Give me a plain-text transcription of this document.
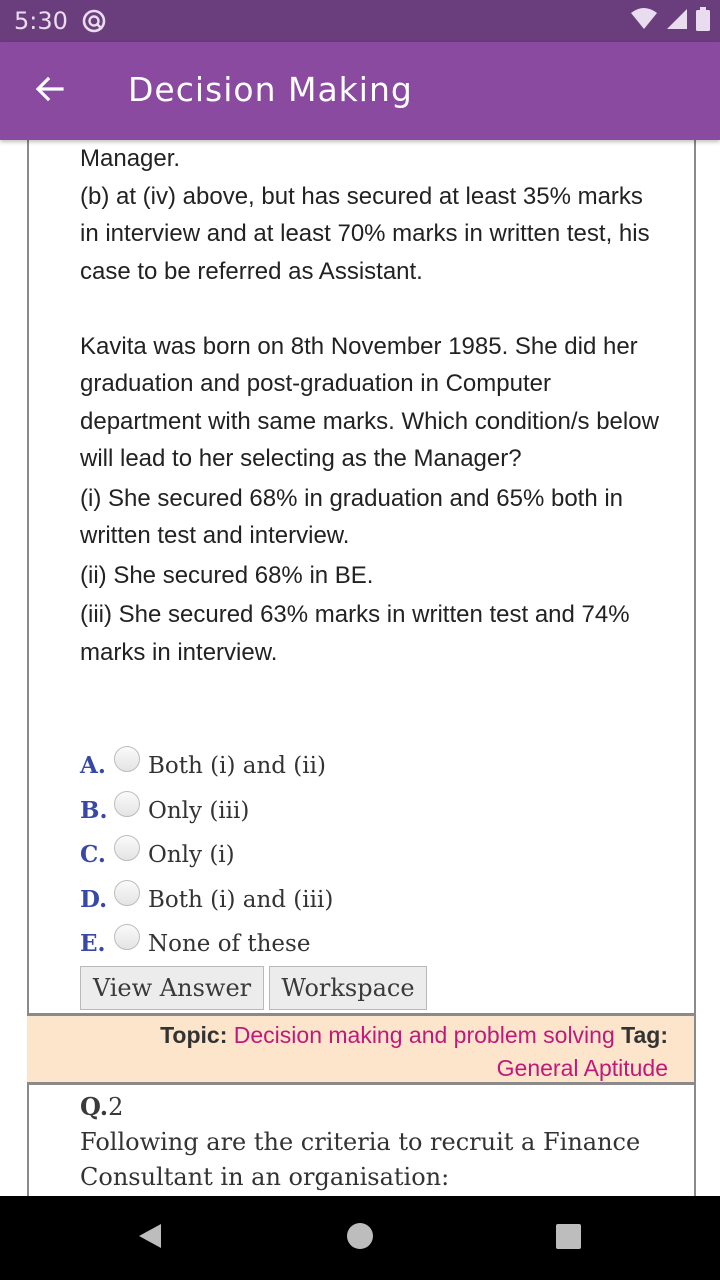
5:30
Decision Making

Manager.

(b) at (iv) above, but has secured at least 35% marks in interview and at least 70% marks in written test, his case to be referred as Assistant.

Kavita was born on 8th November 1985. She did her graduation and post-graduation in Computer department with same marks. Which condition/s below will lead to her selecting as the Manager?

(i) She secured 68% in graduation and 65% both in written test and interview.

(ii) She secured 68% in BE.

(iii) She secured 63% marks in written test and 74% marks in interview.

A.	Both (i) and (ii)
B. Only (iii)
C.	Only (i)
D. Both (i) and (iii)
E.	None of these
View Answer	Workspace
Topic: Decision making and problem solving Tag:
General Aptitude
Q.2
Following are the criteria to recruit a Finance Consultant in an organisation:
